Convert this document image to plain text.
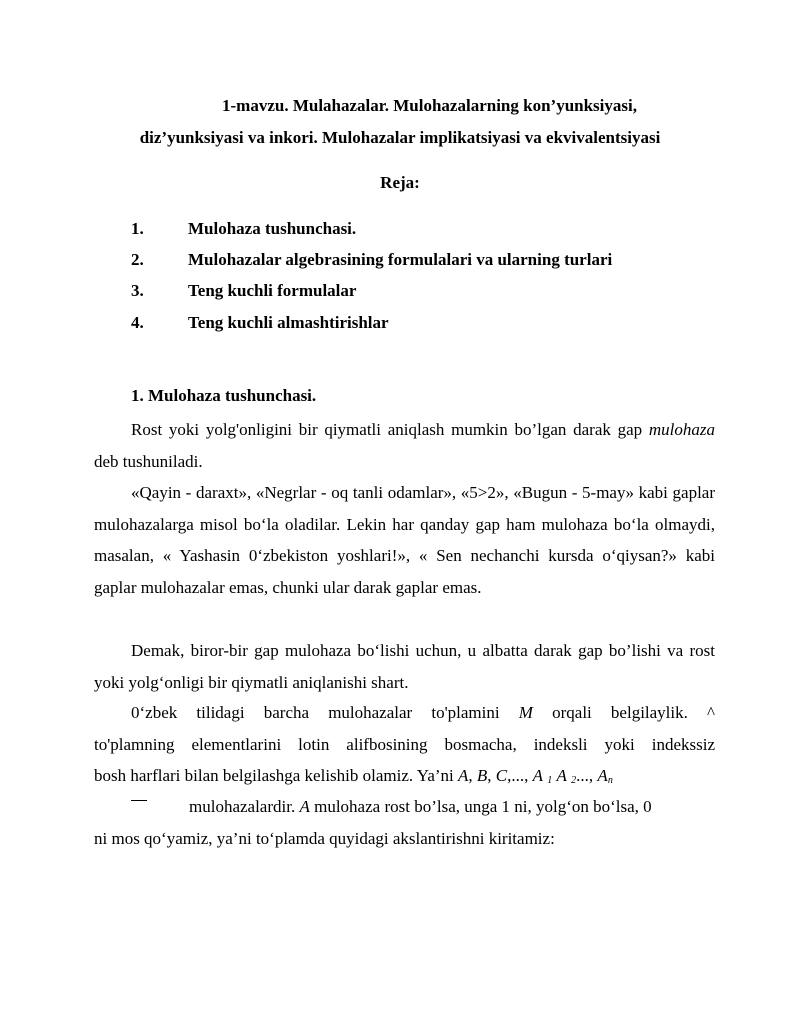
1-mavzu. Mulahazalar. Mulohazalarning kon’yunksiyasi,
diz’yunksiyasi va inkori. Mulohazalar implikatsiyasi va ekvivalentsiyasi
Reja:
1.	Mulohaza tushunchasi.
2.	Mulohazalar algebrasining formulalari va ularning turlari
3.	Teng kuchli formulalar
4.	Teng kuchli almashtirishlar
1. Mulohaza tushunchasi.
Rost yoki yolg'onligini bir qiymatli aniqlash mumkin bo’lgan darak gap mulohaza deb tushuniladi.
«Qayin - daraxt», «Negrlar - oq tanli odamlar», «5>2», «Bugun - 5-may» kabi gaplar mulohazalarga misol bo‘la oladilar. Lekin har qanday gap ham mulohaza bo‘la olmaydi, masalan, « Yashasin 0‘zbekiston yoshlari!», « Sen nechanchi kursda o‘qiysan?» kabi gaplar mulohazalar emas, chunki ular darak gaplar emas.
Demak, biror-bir gap mulohaza bo‘lishi uchun, u albatta darak gap bo’lishi va rost yoki yolg‘onligi bir qiymatli aniqlanishi shart.
0‘zbek tilidagi barcha mulohazalar to'plamini M orqali belgilaylik. ^
to'plamning elementlarini lotin alifbosining bosmacha, indeksli yoki indekssiz
bosh harflari bilan belgilashga kelishib olamiz. Ya’ni A, B, C,..., A $_1$ A $_2$..., $A_n$
mulohazalardir. A mulohaza rost bo’lsa, unga 1 ni, yolg‘on bo‘lsa, 0
ni mos qo‘yamiz, ya’ni to‘plamda quyidagi akslantirishni kiritamiz:
